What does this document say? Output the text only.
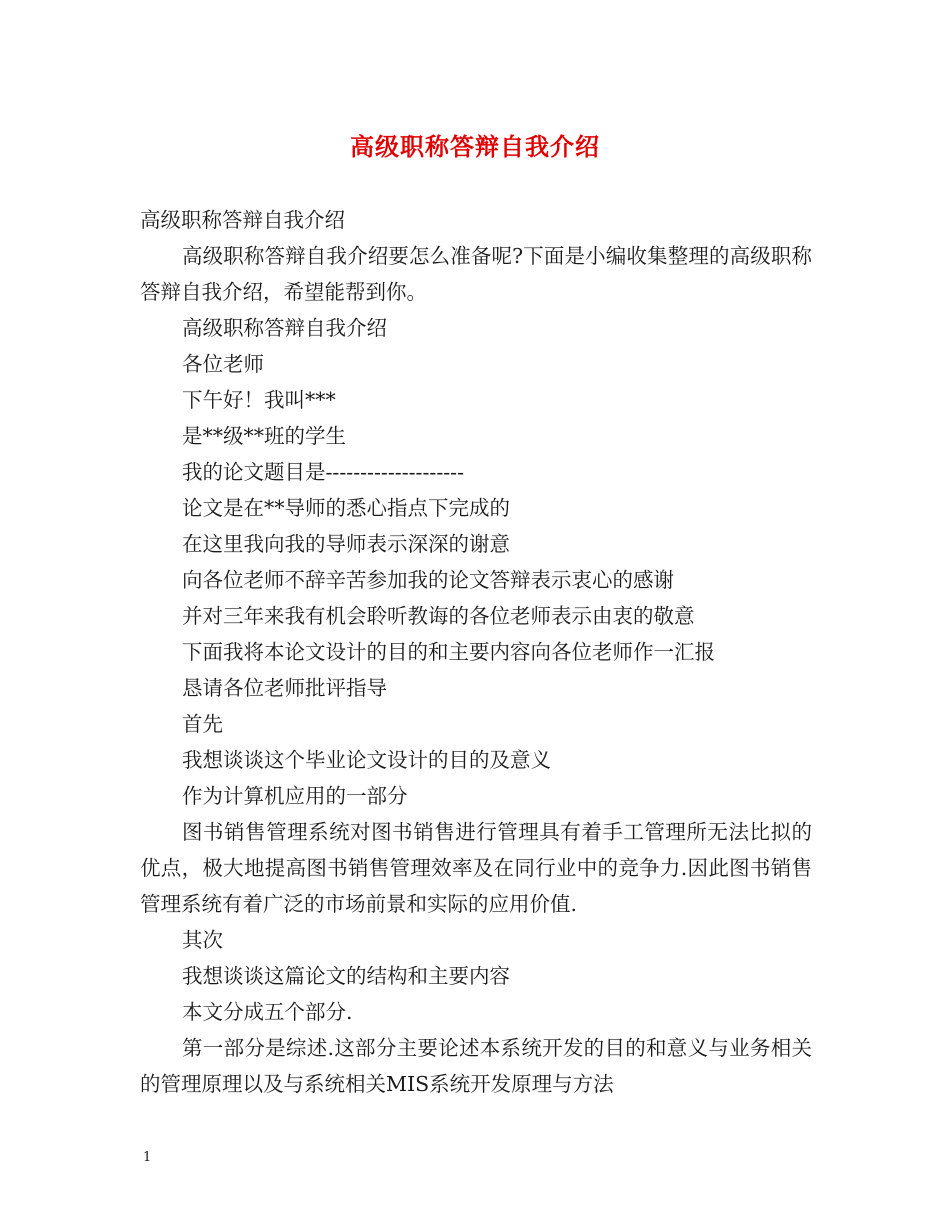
高级职称答辩自我介绍

高级职称答辩自我介绍

高级职称答辩自我介绍要怎么准备呢?下面是小编收集整理的高级职称答辩自我介绍，希望能帮到你。

高级职称答辩自我介绍

各位老师

下午好！我叫***

是**级**班的学生

我的论文题目是--------------------

论文是在**导师的悉心指点下完成的

在这里我向我的导师表示深深的谢意

向各位老师不辞辛苦参加我的论文答辩表示衷心的感谢

并对三年来我有机会聆听教诲的各位老师表示由衷的敬意

下面我将本论文设计的目的和主要内容向各位老师作一汇报

恳请各位老师批评指导

首先

我想谈谈这个毕业论文设计的目的及意义

作为计算机应用的一部分

图书销售管理系统对图书销售进行管理具有着手工管理所无法比拟的优点，极大地提高图书销售管理效率及在同行业中的竞争力.因此图书销售管理系统有着广泛的市场前景和实际的应用价值.

其次

我想谈谈这篇论文的结构和主要内容

本文分成五个部分.

第一部分是综述.这部分主要论述本系统开发的目的和意义与业务相关的管理原理以及与系统相关MIS系统开发原理与方法

1
